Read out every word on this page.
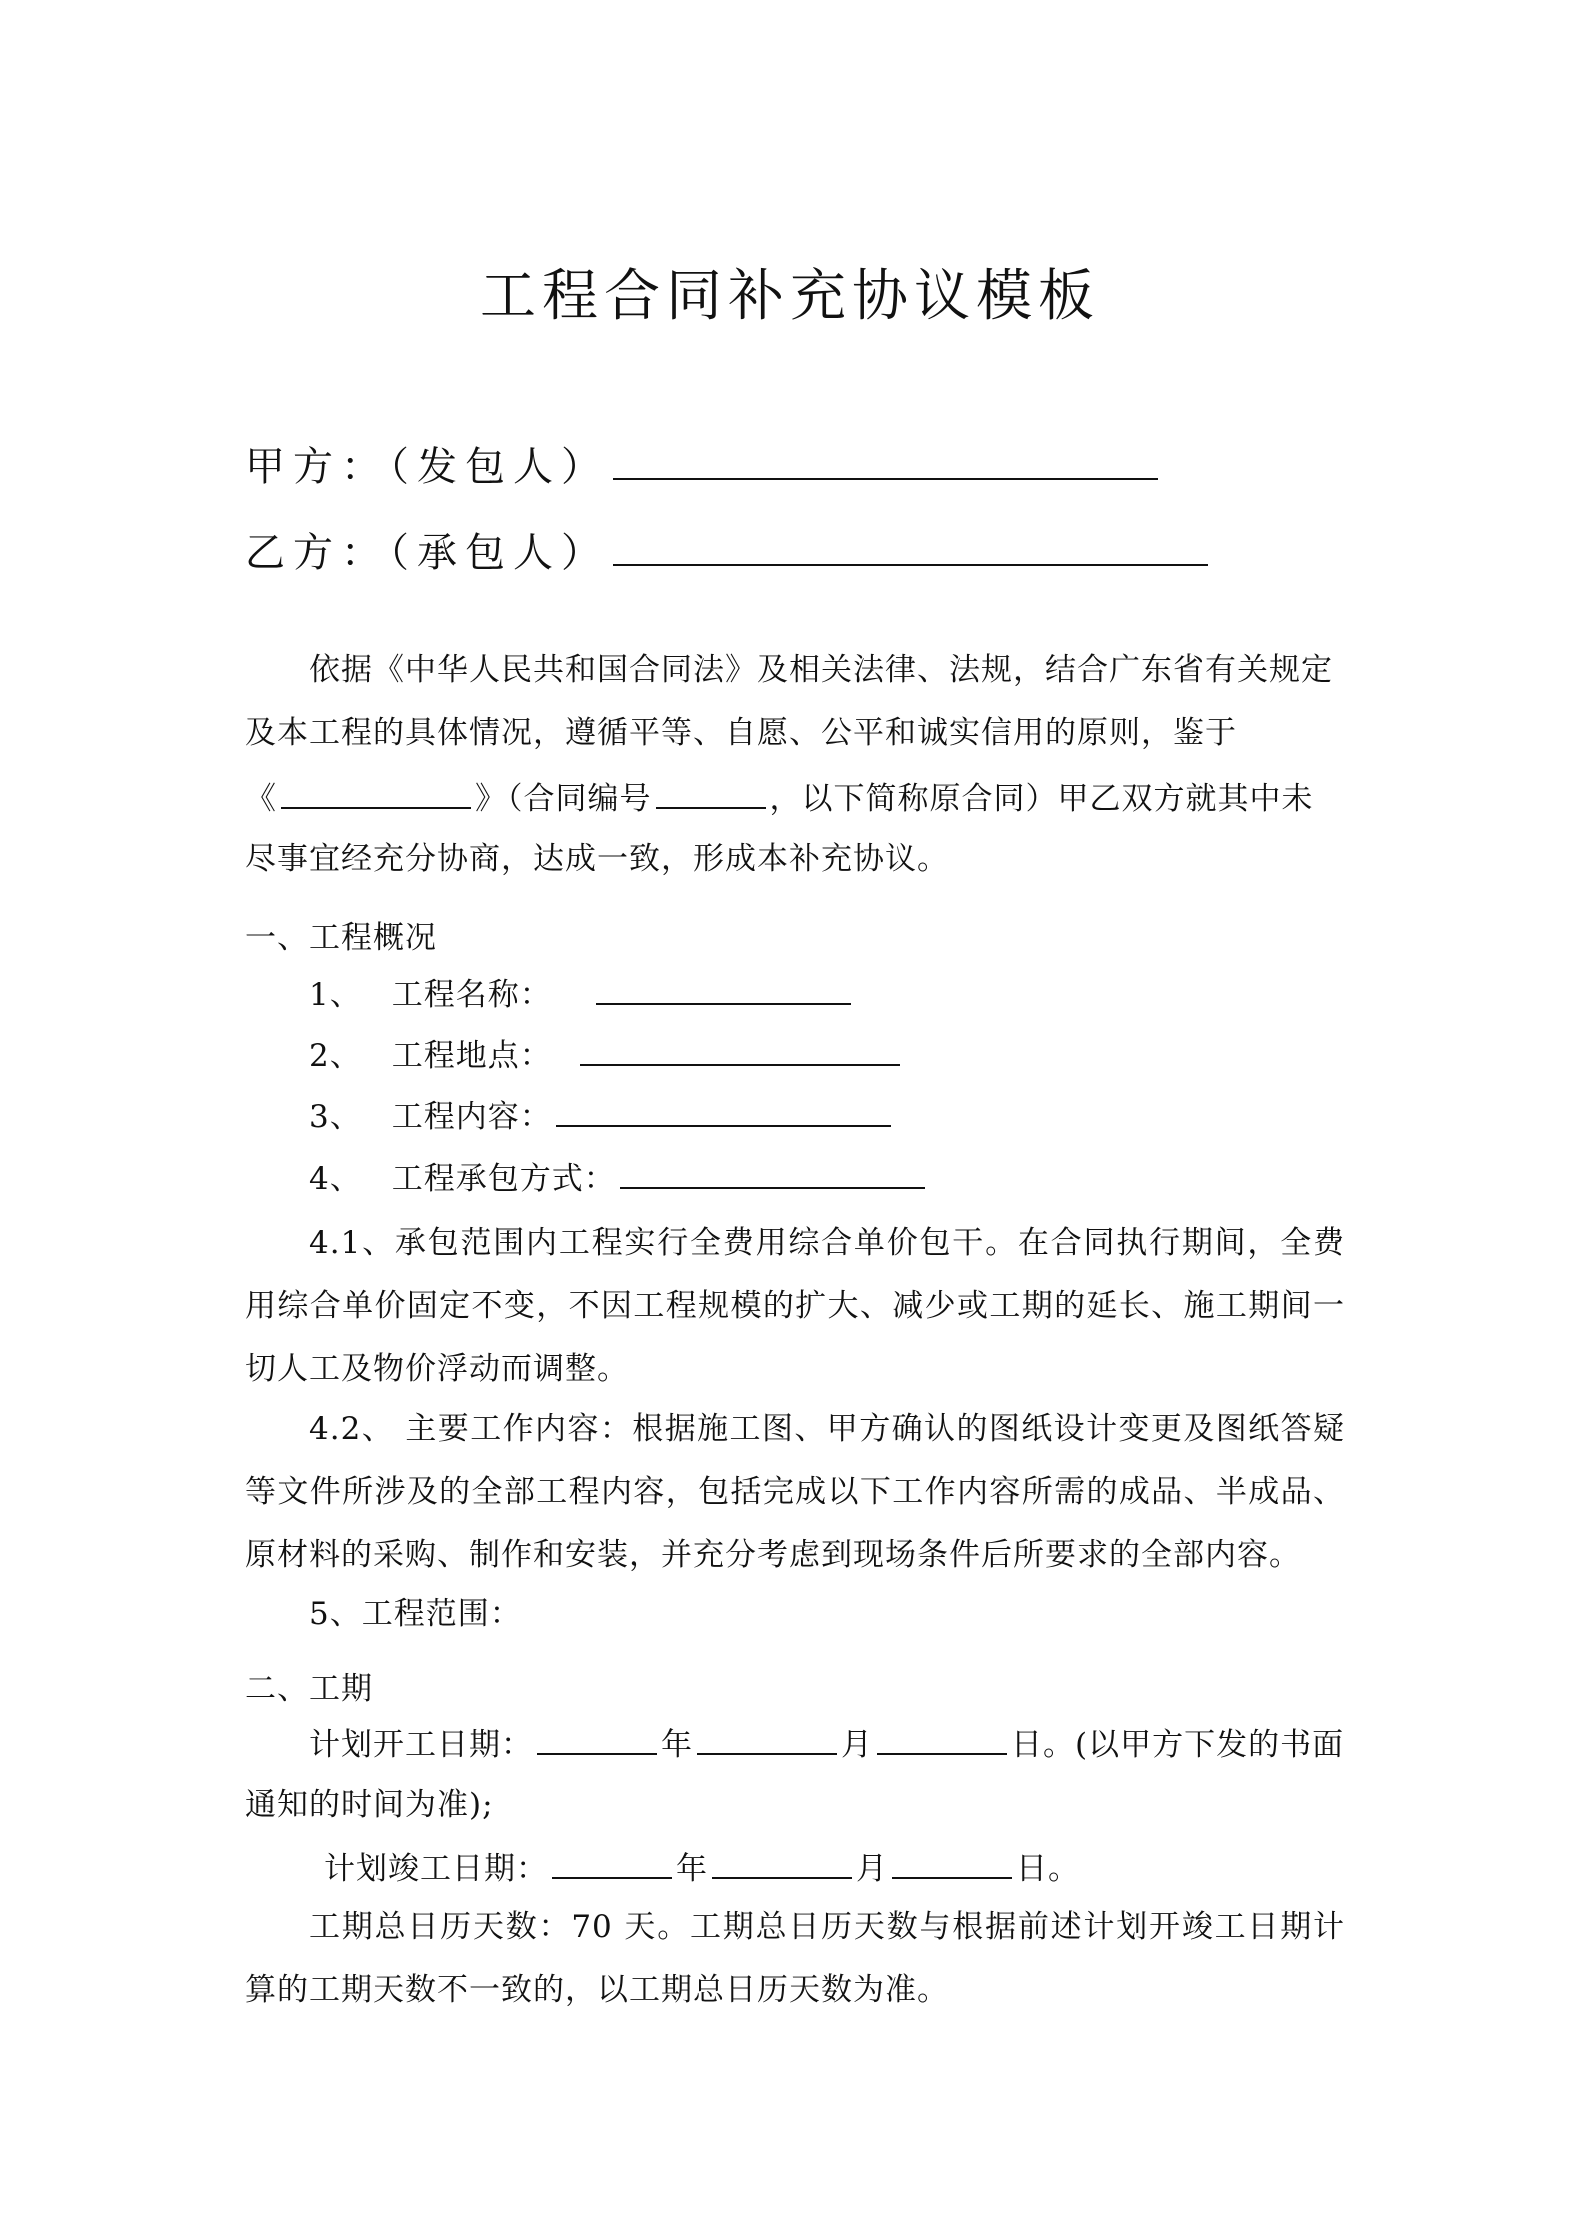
工程合同补充协议模板
甲方：（发包人）
乙方：（承包人）
依据《中华人民共和国合同法》及相关法律、法规，结合广东省有关规定
及本工程的具体情况，遵循平等、自愿、公平和诚实信用的原则，鉴于
《	》（合同编号	，以下简称原合同）甲乙双方就其中未
尽事宜经充分协商，达成一致，形成本补充协议。
一、工程概况
1、 工程名称：
2、 工程地点：
3、 工程内容：
4、 工程承包方式：

4.1、承包范围内工程实行全费用综合单价包干。在合同执行期间，全费用综合单价固定不变，不因工程规模的扩大、减少或工期的延长、施工期间一切人工及物价浮动而调整。

4.2、 主要工作内容：根据施工图、甲方确认的图纸设计变更及图纸答疑等文件所涉及的全部工程内容，包括完成以下工作内容所需的成品、半成品、原材料的采购、制作和安装，并充分考虑到现场条件后所要求的全部内容。

5、工程范围：
二、工期
计划开工日期：	年	月	日。(以甲方下发的书面
通知的时间为准);
计划竣工日期：	年	月	日。

工期总日历天数：70 天。工期总日历天数与根据前述计划开竣工日期计算的工期天数不一致的，以工期总日历天数为准。
